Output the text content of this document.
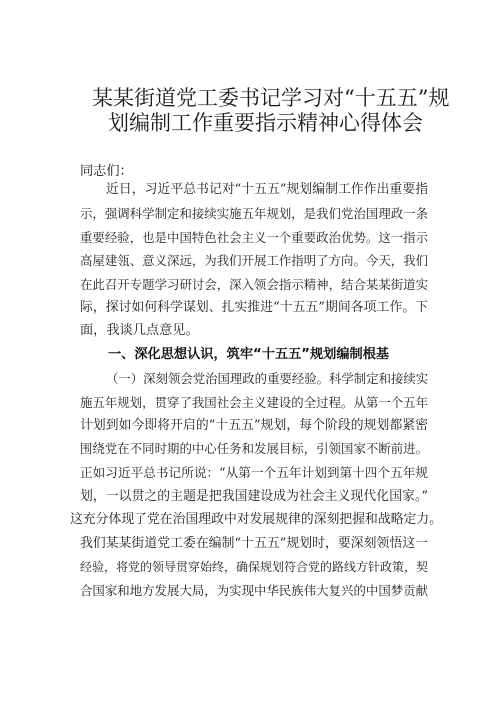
某某街道党工委书记学习对“十五五”规
划编制工作重要指示精神心得体会
同志们：
近日，习近平总书记对“十五五”规划编制工作作出重要指
示，强调科学制定和接续实施五年规划，是我们党治国理政一条
重要经验，也是中国特色社会主义一个重要政治优势。这一指示
高屋建瓴、意义深远，为我们开展工作指明了方向。今天，我们
在此召开专题学习研讨会，深入领会指示精神，结合某某街道实
际，探讨如何科学谋划、扎实推进“十五五”期间各项工作。下
面，我谈几点意见。
一、深化思想认识，筑牢“十五五”规划编制根基
（一）深刻领会党治国理政的重要经验。科学制定和接续实
施五年规划，贯穿了我国社会主义建设的全过程。从第一个五年
计划到如今即将开启的“十五五”规划，每个阶段的规划都紧密
围绕党在不同时期的中心任务和发展目标，引领国家不断前进。
正如习近平总书记所说：“从第一个五年计划到第十四个五年规
划，一以贯之的主题是把我国建设成为社会主义现代化国家。”
这充分体现了党在治国理政中对发展规律的深刻把握和战略定力。
我们某某街道党工委在编制“十五五”规划时，要深刻领悟这一
经验，将党的领导贯穿始终，确保规划符合党的路线方针政策，契
合国家和地方发展大局，为实现中华民族伟大复兴的中国梦贡献
